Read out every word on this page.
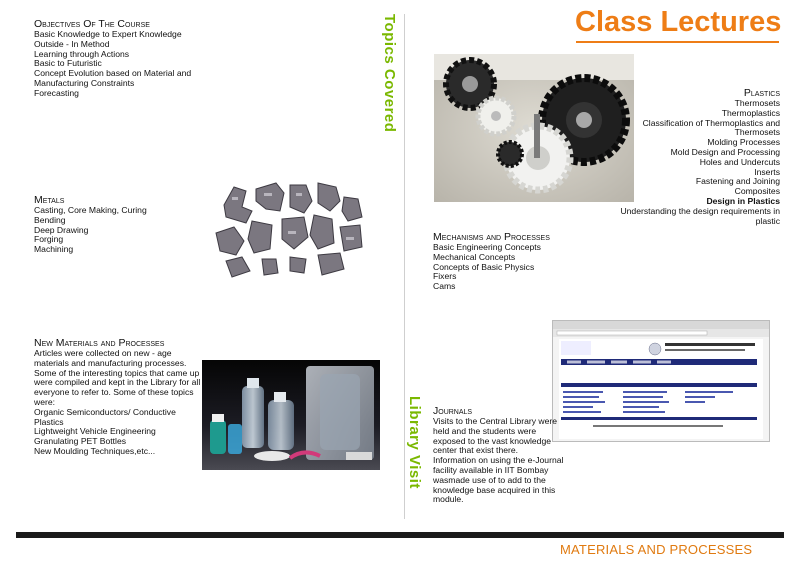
Class Lectures
Topics Covered
Library Visit
Objectives Of The Course
Basic Knowledge to Expert Knowledge
Outside - In Method
Learning through Actions
Basic to Futuristic
Concept Evolution based on Material and
Manufacturing Constraints
Forecasting
Metals
Casting, Core Making, Curing
Bending
Deep Drawing
Forging
Machining
New Materials and Processes
Articles were collected on new - age
materials and manufacturing processes.
Some of the interesting topics that came up
were compiled and kept in the Library for all
everyone to refer to. Some of these topics
were:
Organic Semiconductors/ Conductive
Plastics
Lightweight Vehicle Engineering
Granulating PET Bottles
New Moulding Techniques,etc...
Plastics
Thermosets
Thermoplastics
Classification of Thermoplastics and
Thermosets
Molding Processes
Mold Design and Processing
Holes and Undercuts
Inserts
Fastening and Joining
Composites
Design in Plastics
Understanding the design requirements in
plastic
Mechanisms and Processes
Basic Engineering Concepts
Mechanical Concepts
Concepts of Basic Physics
Fixers
Cams
Journals
Visits to the Central Library were
held and the students were
exposed to the vast knowledge
center that exist there.
Information on using the e-Journal
facility available in IIT Bombay
wasmade use of to add to the
knowledge base acquired in this
module.
MATERIALS AND PROCESSES
